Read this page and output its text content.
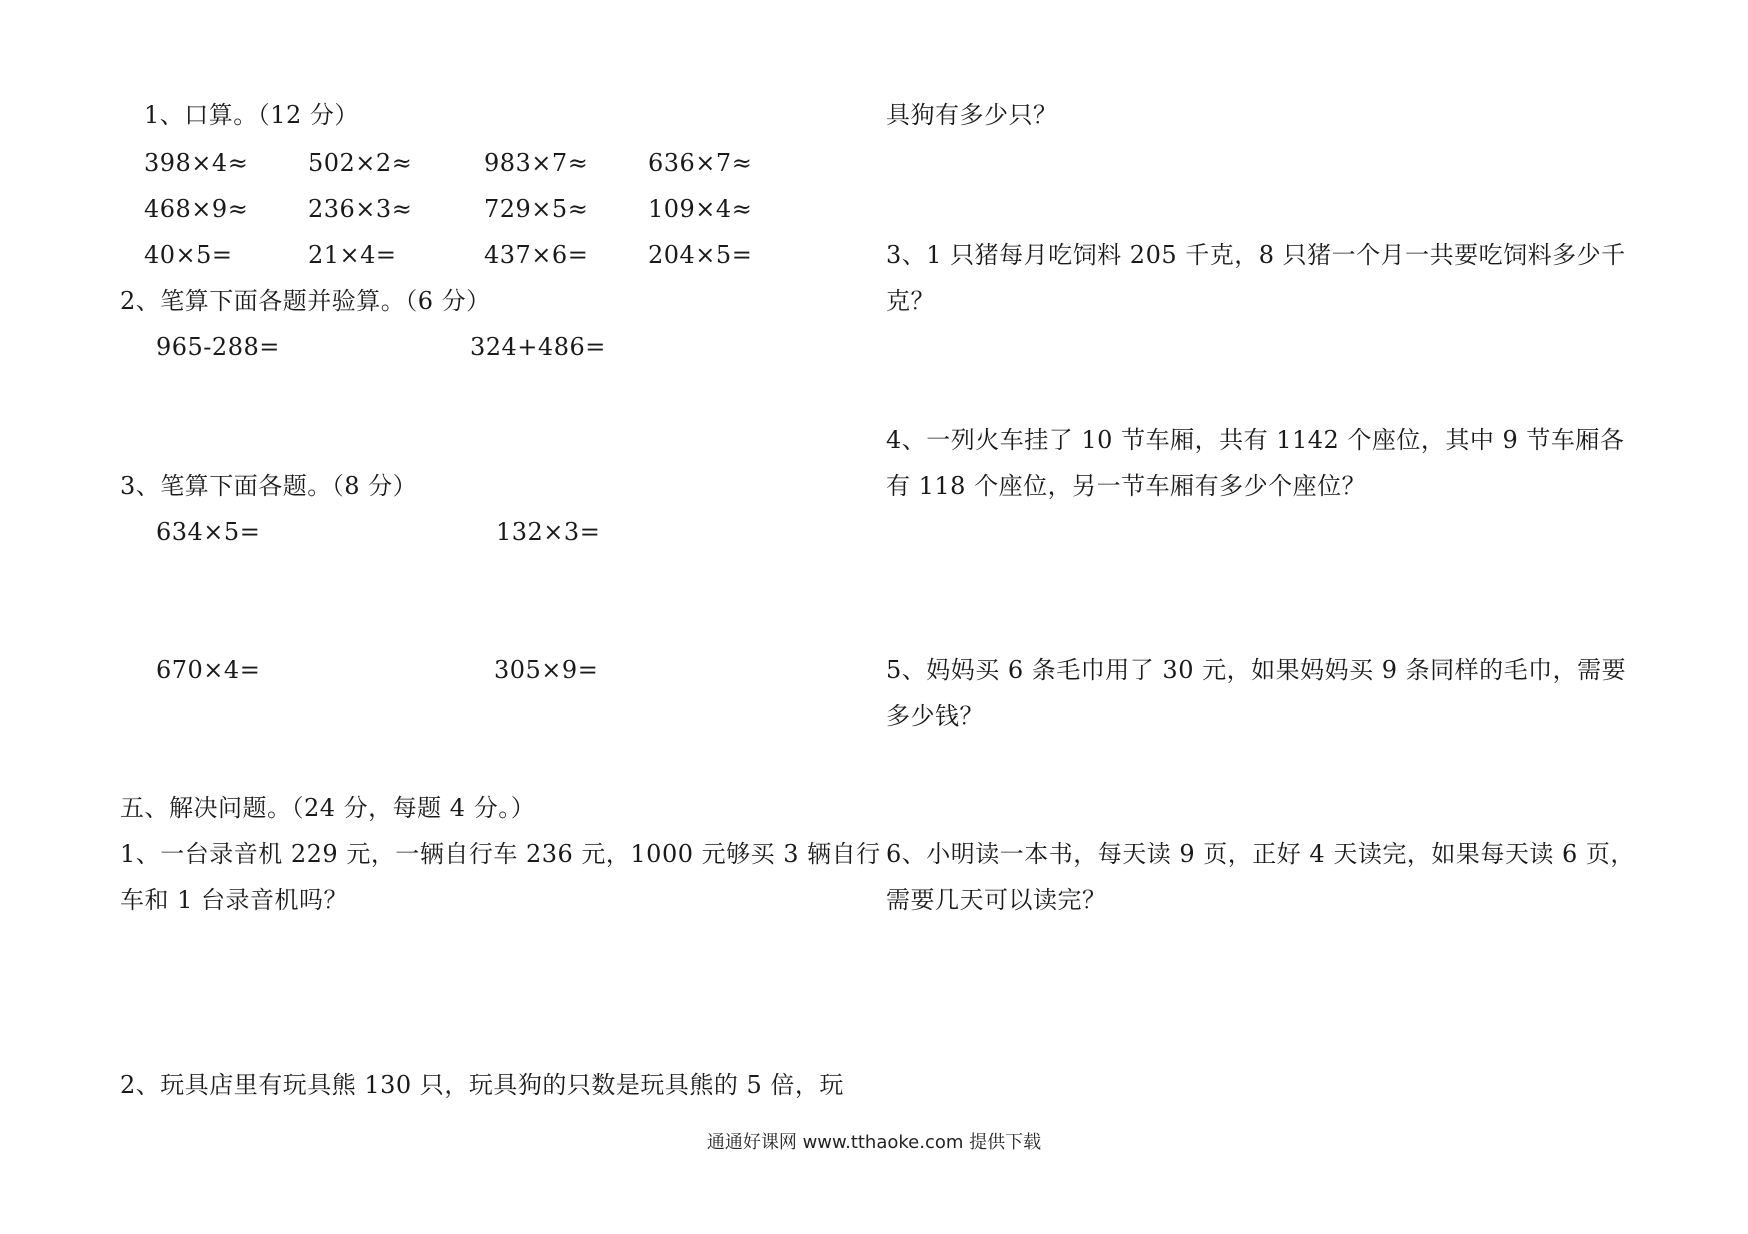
1、口算。（12 分）
398×4≈ 502×2≈	983×7≈ 636×7≈
468×9≈ 236×3≈	729×5≈ 109×4≈
40×5=	21×4=	437×6= 204×5=
2、笔算下面各题并验算。（6 分）
965-288=	324+486=
3、笔算下面各题。（8 分）
634×5=	132×3=
670×4=	305×9=
五、解决问题。（24 分，每题 4 分。）
1、一台录音机 229 元，一辆自行车 236 元，1000 元够买 3 辆自行
车和 1 台录音机吗？
2、玩具店里有玩具熊 130 只，玩具狗的只数是玩具熊的 5 倍，玩
具狗有多少只？
3、1 只猪每月吃饲料 205 千克，8 只猪一个月一共要吃饲料多少千
克？
4、一列火车挂了 10 节车厢，共有 1142 个座位，其中 9 节车厢各
有 118 个座位，另一节车厢有多少个座位？
5、妈妈买 6 条毛巾用了 30 元，如果妈妈买 9 条同样的毛巾，需要
多少钱？
6、小明读一本书，每天读 9 页，正好 4 天读完，如果每天读 6 页，
需要几天可以读完？
通通好课网 www.tthaoke.com 提供下载
